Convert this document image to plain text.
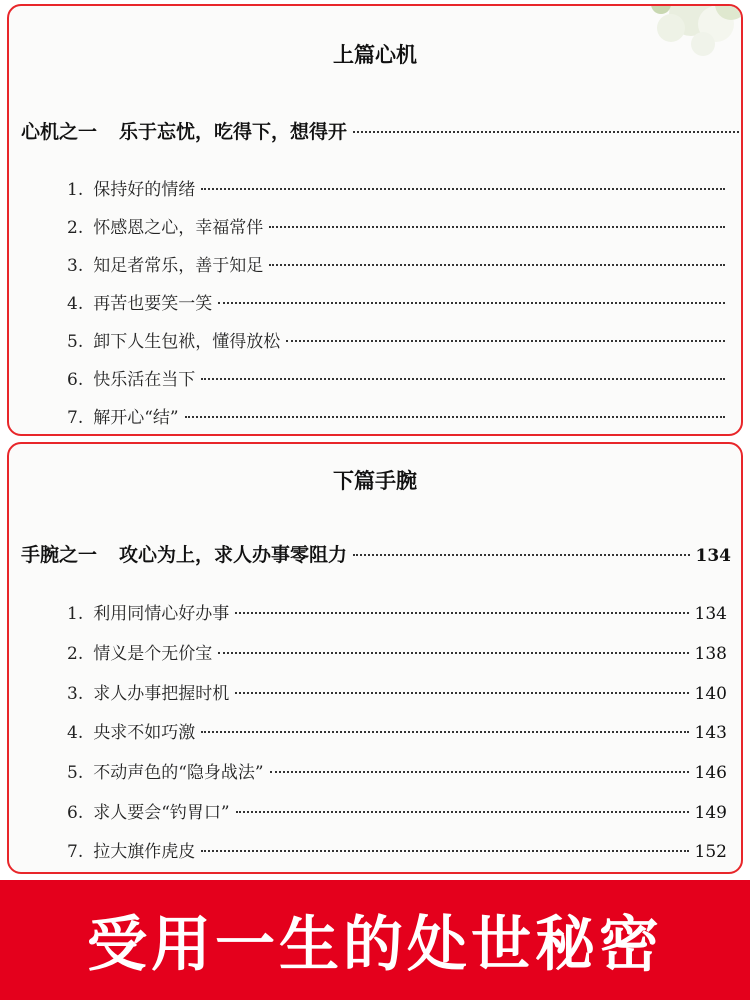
上篇心机
心机之一 乐于忘忧，吃得下，想得开
1. 保持好的情绪
2. 怀感恩之心，幸福常伴
3. 知足者常乐，善于知足
4. 再苦也要笑一笑
5. 卸下人生包袱，懂得放松
6. 快乐活在当下
7. 解开心“结”
下篇手腕
手腕之一 攻心为上，求人办事零阻力	134
1. 利用同情心好办事	134
2. 情义是个无价宝	138
3. 求人办事把握时机	140
4. 央求不如巧激	143
5. 不动声色的“隐身战法”	146
6. 求人要会“钓胃口”	149
7. 拉大旗作虎皮	152
受用一生的处世秘密
